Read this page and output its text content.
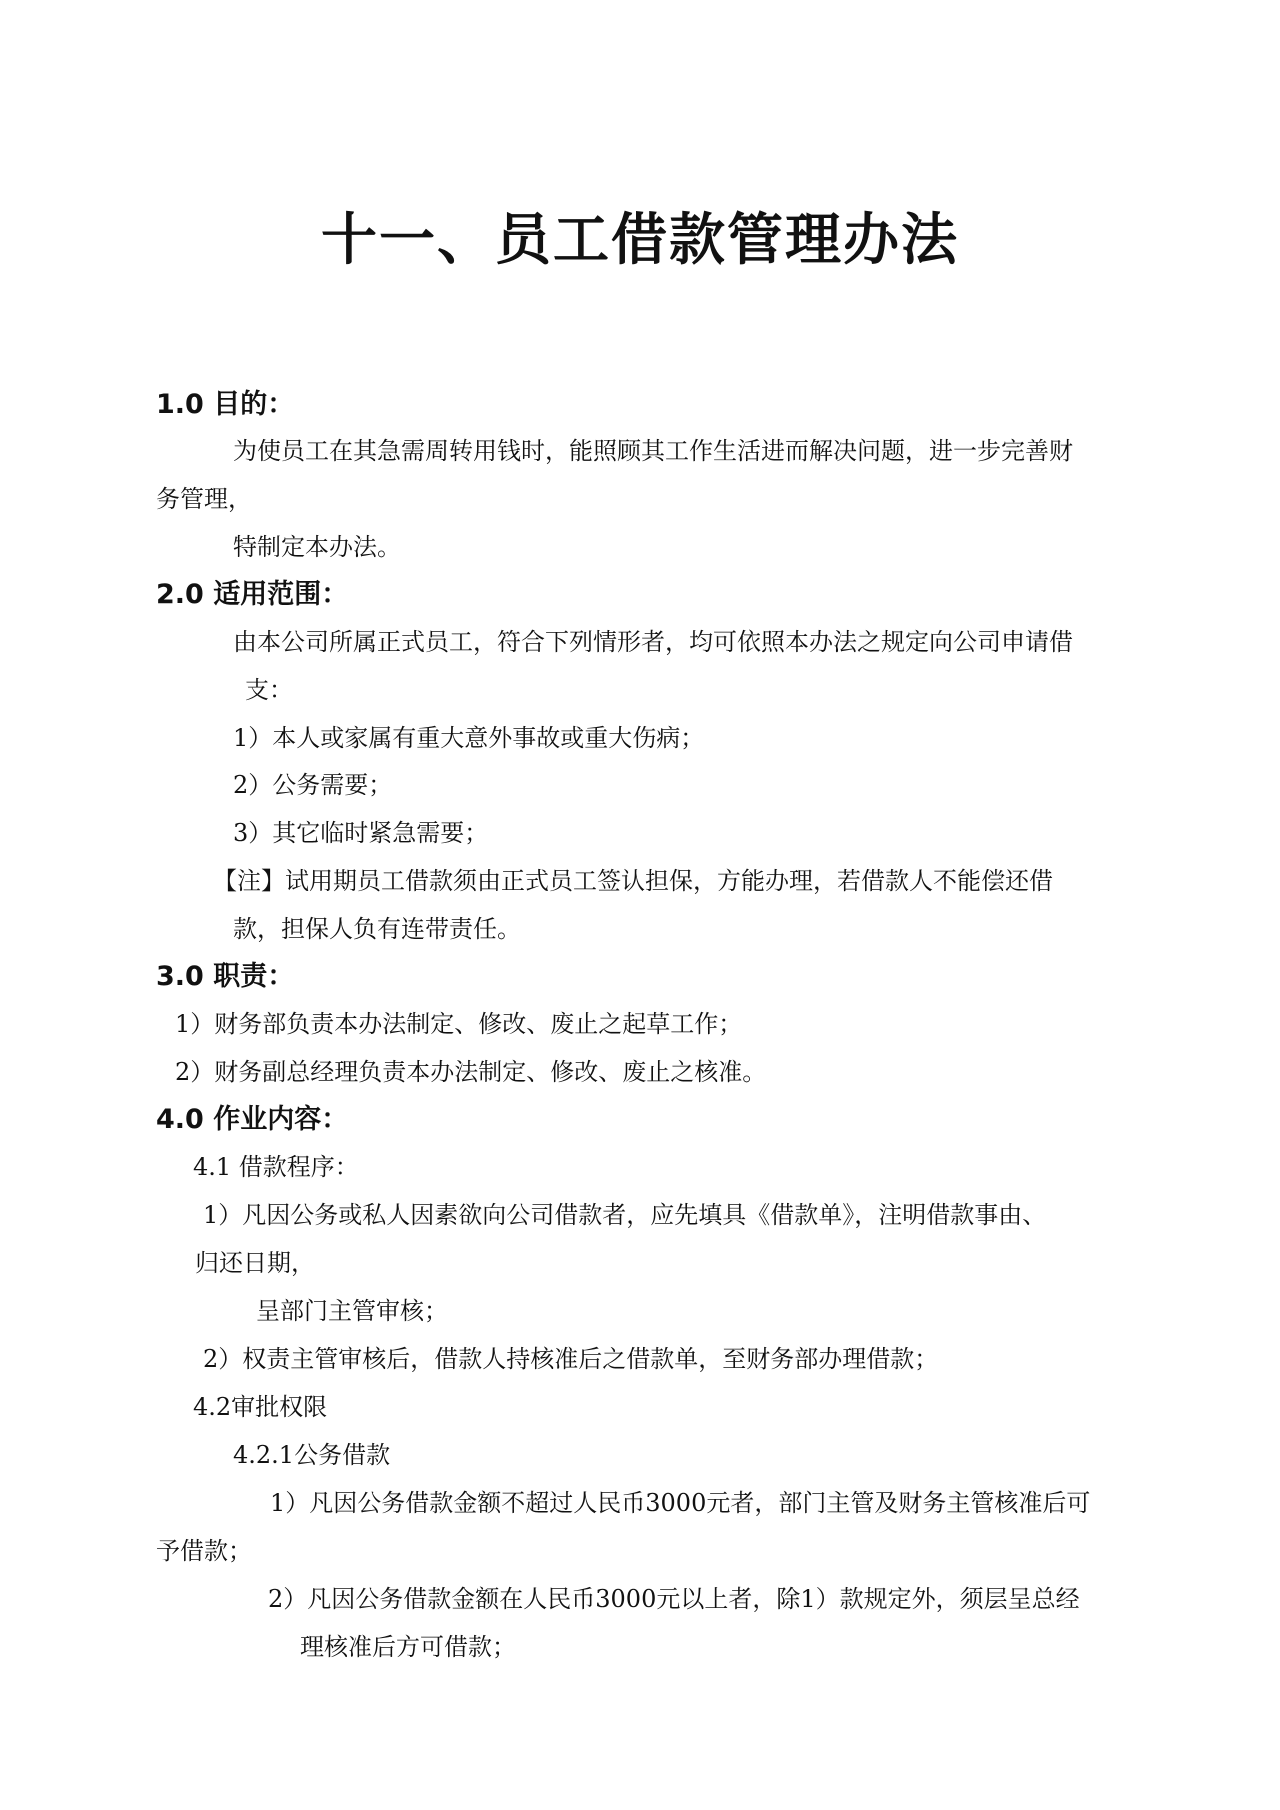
十一、员工借款管理办法
1.0 目的：
为使员工在其急需周转用钱时，能照顾其工作生活进而解决问题，进一步完善财
务管理，
特制定本办法。
2.0 适用范围：
由本公司所属正式员工，符合下列情形者，均可依照本办法之规定向公司申请借
支：
1）本人或家属有重大意外事故或重大伤病；
2）公务需要；
3）其它临时紧急需要；
【注】试用期员工借款须由正式员工签认担保，方能办理，若借款人不能偿还借
款，担保人负有连带责任。
3.0 职责：
1）财务部负责本办法制定、修改、废止之起草工作；
2）财务副总经理负责本办法制定、修改、废止之核准。
4.0 作业内容：
4.1 借款程序：
1）凡因公务或私人因素欲向公司借款者，应先填具《借款单》，注明借款事由、
归还日期，
呈部门主管审核；
2）权责主管审核后，借款人持核准后之借款单，至财务部办理借款；
4.2审批权限
4.2.1公务借款
1）凡因公务借款金额不超过人民币3000元者，部门主管及财务主管核准后可
予借款；
2）凡因公务借款金额在人民币3000元以上者，除1）款规定外，须层呈总经
理核准后方可借款；
